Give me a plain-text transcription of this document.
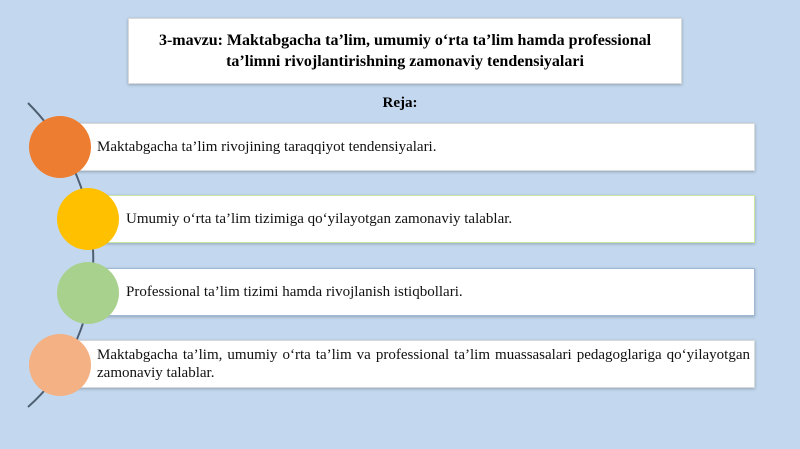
3-mavzu: Maktabgacha ta’lim, umumiy o‘rta ta’lim hamda professional
ta’limni rivojlantirishning zamonaviy tendensiyalari
Reja:
Maktabgacha ta’lim rivojining taraqqiyot tendensiyalari.
Umumiy o‘rta ta’lim tizimiga qo‘yilayotgan zamonaviy talablar.
Professional ta’lim tizimi hamda rivojlanish istiqbollari.
Maktabgacha ta’lim, umumiy o‘rta ta’lim va professional ta’lim muassasalari pedagoglariga qo‘yilayotgan zamonaviy talablar.
